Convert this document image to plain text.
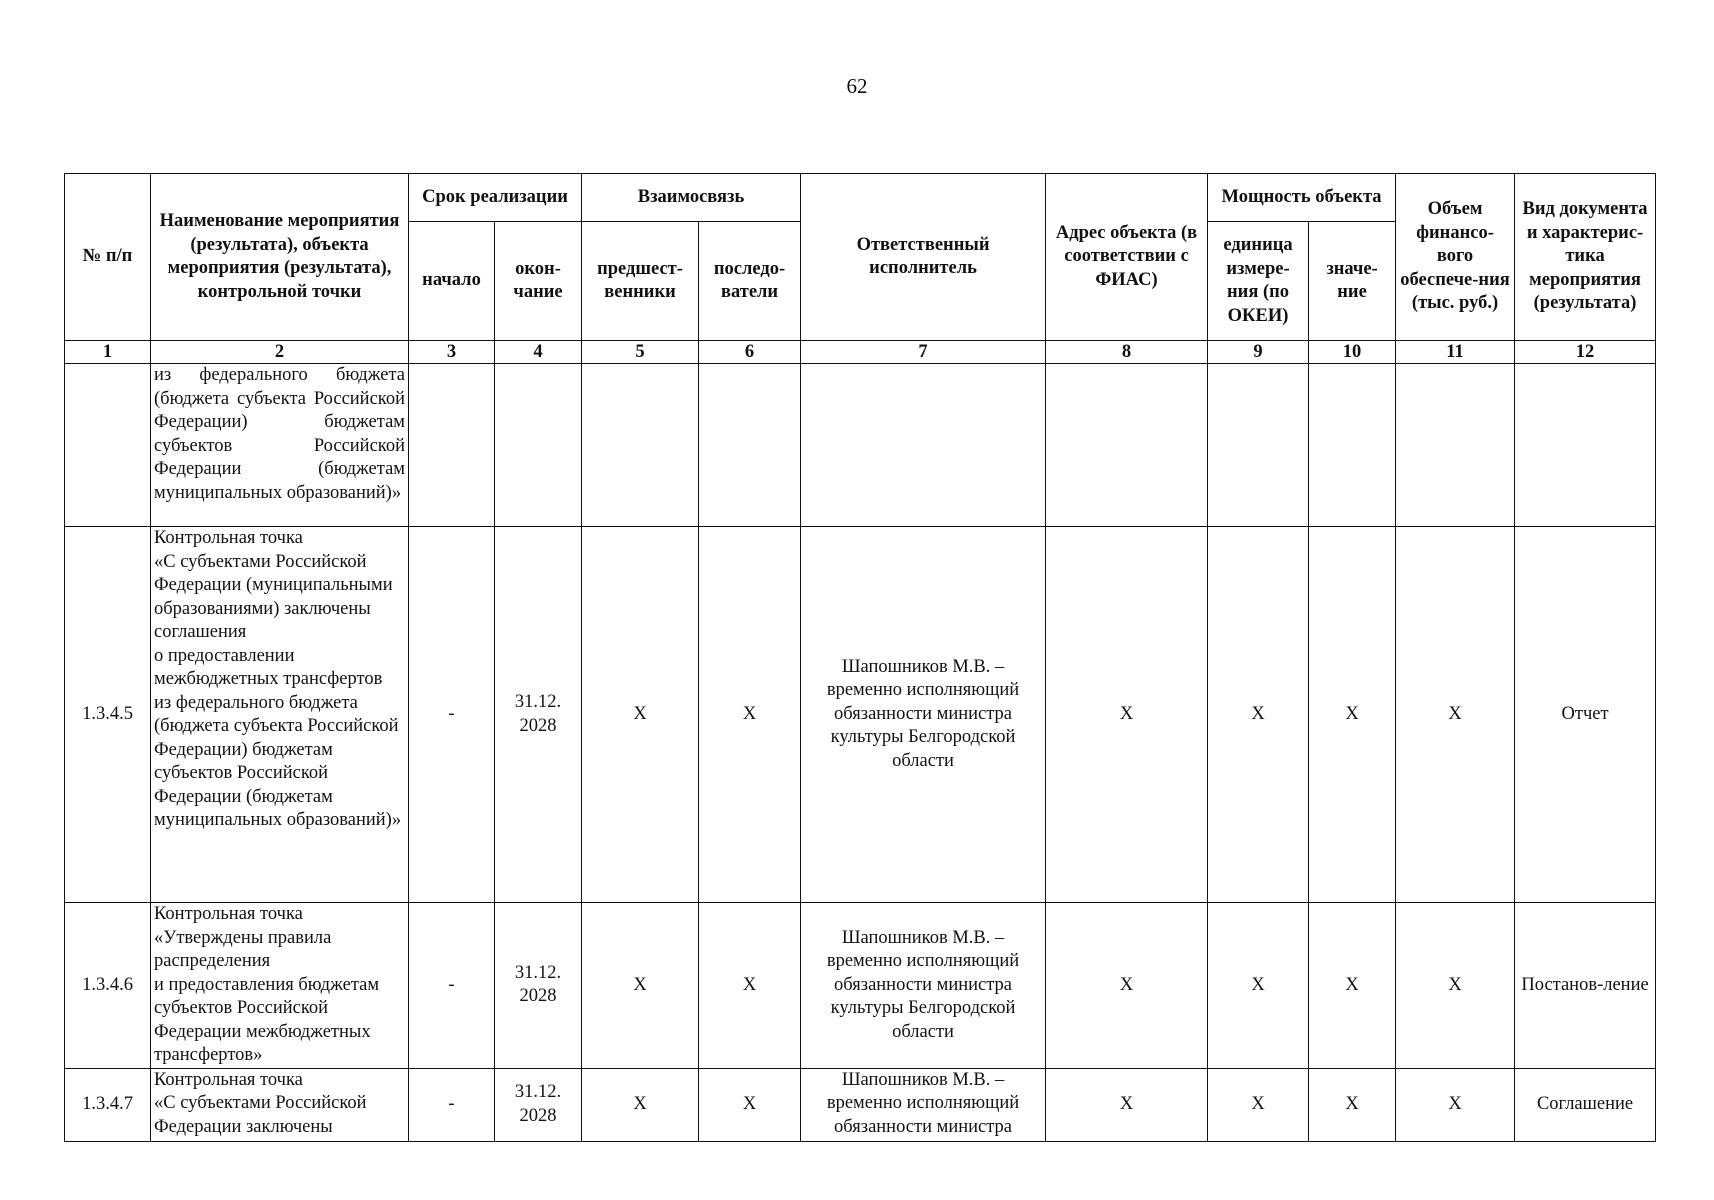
62
№ п/п	Наименование мероприятия (результата), объекта мероприятия (результата), контрольной точки	Срок реализации		Взаимосвязь		Ответственный исполнитель	Адрес объекта (в соответствии с ФИАС)	Мощность объекта		Объем финансо-вого обеспече-ния (тыс. руб.)	Вид документа и характерис-тика мероприятия (результата)
		начало	окон-чание	предшест-венники	последо-ватели			единица измере-ния (по ОКЕИ)	значе-ние		
1	2	3	4	5	6	7	8	9	10	11	12
	из федерального бюджета (бюджета субъекта Российской Федерации) бюджетам субъектов Российской Федерации (бюджетам муниципальных образований)»										
1.3.4.5	Контрольная точка
«С субъектами Российской Федерации (муниципальными образованиями) заключены соглашения
о предоставлении межбюджетных трансфертов
из федерального бюджета (бюджета субъекта Российской Федерации) бюджетам субъектов Российской Федерации (бюджетам муниципальных образований)»	-	31.12. 2028	Х	Х	Шапошников М.В. – временно исполняющий обязанности министра культуры Белгородской области	Х	Х	Х	Х	Отчет
1.3.4.6	Контрольная точка
«Утверждены правила распределения
и предоставления бюджетам субъектов Российской Федерации межбюджетных трансфертов»	-	31.12. 2028	Х	Х	Шапошников М.В. – временно исполняющий обязанности министра культуры Белгородской области	Х	Х	Х	Х	Постанов-ление
1.3.4.7	Контрольная точка
«С субъектами Российской Федерации заключены	-	31.12. 2028	Х	Х	Шапошников М.В. – временно исполняющий обязанности министра	Х	Х	Х	Х	Соглашение
